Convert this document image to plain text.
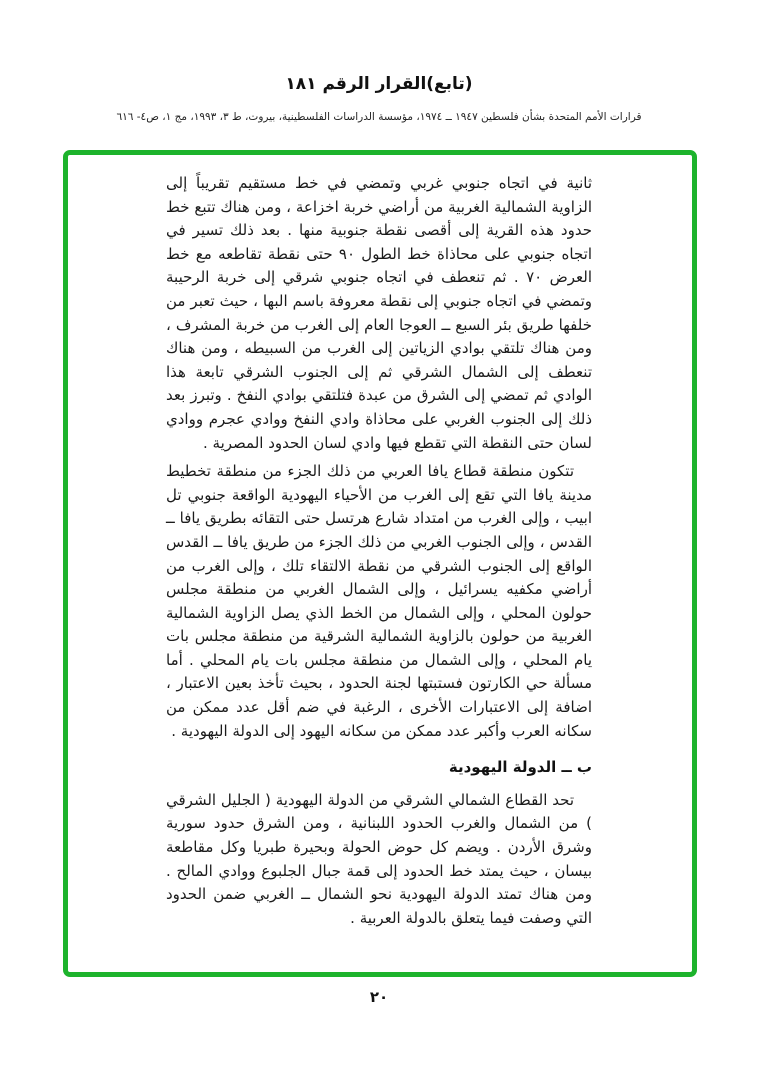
(تابع)القرار الرقم ١٨١
قرارات الأمم المتحدة بشأن فلسطين ١٩٤٧ ــ ١٩٧٤، مؤسسة الدراسات الفلسطينية، بيروت، ط ٣، ١٩٩٣، مج ١، ص٤- ٦١٦

ثانية في اتجاه جنوبي غربي وتمضي في خط مستقيم تقريباً إلى الزاوية الشمالية الغربية من أراضي خربة اخزاعة ، ومن هناك تتبع خط حدود هذه القرية إلى أقصى نقطة جنوبية منها . بعد ذلك تسير في اتجاه جنوبي على محاذاة خط الطول ٩٠ حتى نقطة تقاطعه مع خط العرض ٧٠ . ثم تنعطف في اتجاه جنوبي شرقي إلى خربة الرحيبة وتمضي في اتجاه جنوبي إلى نقطة معروفة باسم البها ، حيث تعبر من خلفها طريق بئر السبع ــ العوجا العام إلى الغرب من خربة المشرف ، ومن هناك تلتقي بوادي الزياتين إلى الغرب من السبيطه ، ومن هناك تنعطف إلى الشمال الشرقي ثم إلى الجنوب الشرقي تابعة هذا الوادي ثم تمضي إلى الشرق من عبدة فتلتقي بوادي النفخ . وتبرز بعد ذلك إلى الجنوب الغربي على محاذاة وادي النفخ ووادي عجرم ووادي لسان حتى النقطة التي تقطع فيها وادي لسان الحدود المصرية .

تتكون منطقة قطاع يافا العربي من ذلك الجزء من منطقة تخطيط مدينة يافا التي تقع إلى الغرب من الأحياء اليهودية الواقعة جنوبي تل ابيب ، وإلى الغرب من امتداد شارع هرتسل حتى التقائه بطريق يافا ــ القدس ، وإلى الجنوب الغربي من ذلك الجزء من طريق يافا ــ القدس الواقع إلى الجنوب الشرقي من نقطة الالتقاء تلك ، وإلى الغرب من أراضي مكفيه يسرائيل ، وإلى الشمال الغربي من منطقة مجلس حولون المحلي ، وإلى الشمال من الخط الذي يصل الزاوية الشمالية الغربية من حولون بالزاوية الشمالية الشرقية من منطقة مجلس بات يام المحلي ، وإلى الشمال من منطقة مجلس بات يام المحلي . أما مسألة حي الكارتون فستبتها لجنة الحدود ، بحيث تأخذ بعين الاعتبار ، اضافة إلى الاعتبارات الأخرى ، الرغبة في ضم أقل عدد ممكن من سكانه العرب وأكبر عدد ممكن من سكانه اليهود إلى الدولة اليهودية .

ب ــ الدولة اليهودية

تحد القطاع الشمالي الشرقي من الدولة اليهودية ( الجليل الشرقي ) من الشمال والغرب الحدود اللبنانية ، ومن الشرق حدود سورية وشرق الأردن . ويضم كل حوض الحولة وبحيرة طبريا وكل مقاطعة بيسان ، حيث يمتد خط الحدود إلى قمة جبال الجلبوع ووادي المالح . ومن هناك تمتد الدولة اليهودية نحو الشمال ــ الغربي ضمن الحدود التي وصفت فيما يتعلق بالدولة العربية .

٢٠
